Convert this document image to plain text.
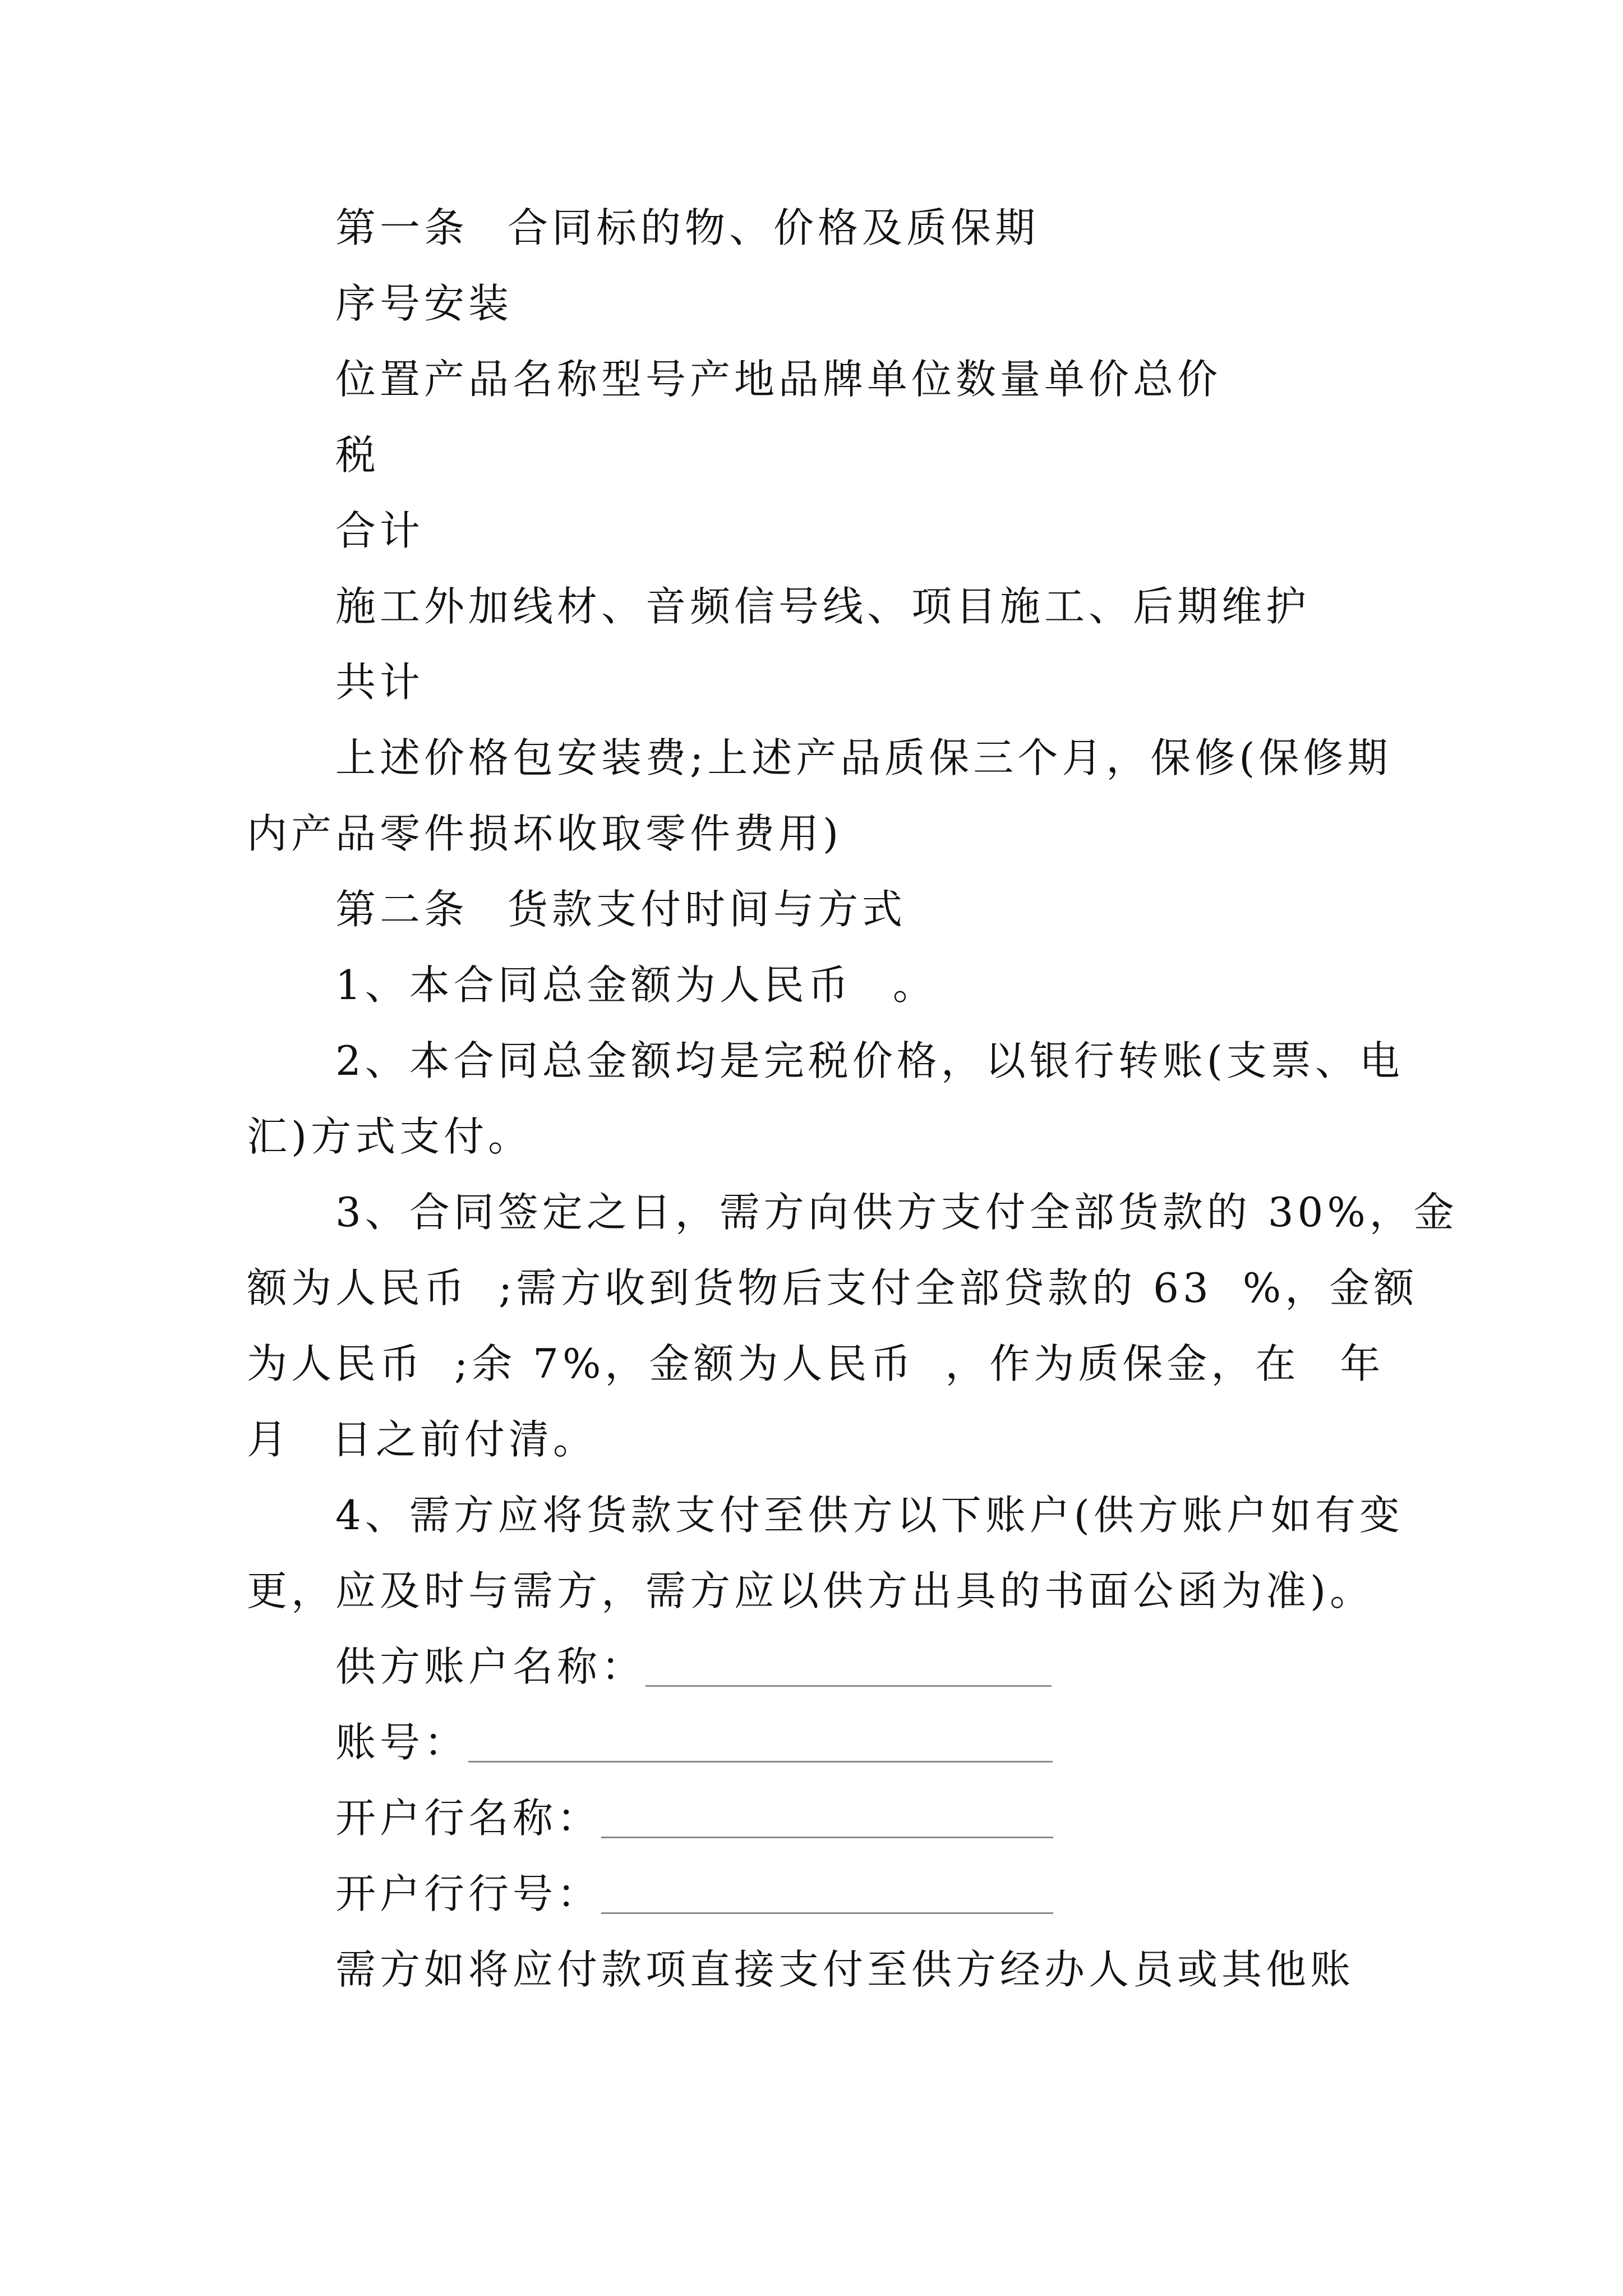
第一条 合同标的物、价格及质保期
序号安装
位置产品名称型号产地品牌单位数量单价总价
税
合计
施工外加线材、音频信号线、项目施工、后期维护
共计
上述价格包安装费;上述产品质保三个月，保修(保修期
内产品零件损坏收取零件费用)
第二条 货款支付时间与方式
1、本合同总金额为人民币 。
2、本合同总金额均是完税价格，以银行转账(支票、电
汇)方式支付。
3、合同签定之日，需方向供方支付全部货款的 30%，金
额为人民币 ;需方收到货物后支付全部贷款的 63 %，金额
为人民币 ;余 7%，金额为人民币 ，作为质保金，在 年
月 日之前付清。
4、需方应将货款支付至供方以下账户(供方账户如有变
更，应及时与需方，需方应以供方出具的书面公函为准)。
供方账户名称：
账号：
开户行名称：
开户行行号：
需方如将应付款项直接支付至供方经办人员或其他账
